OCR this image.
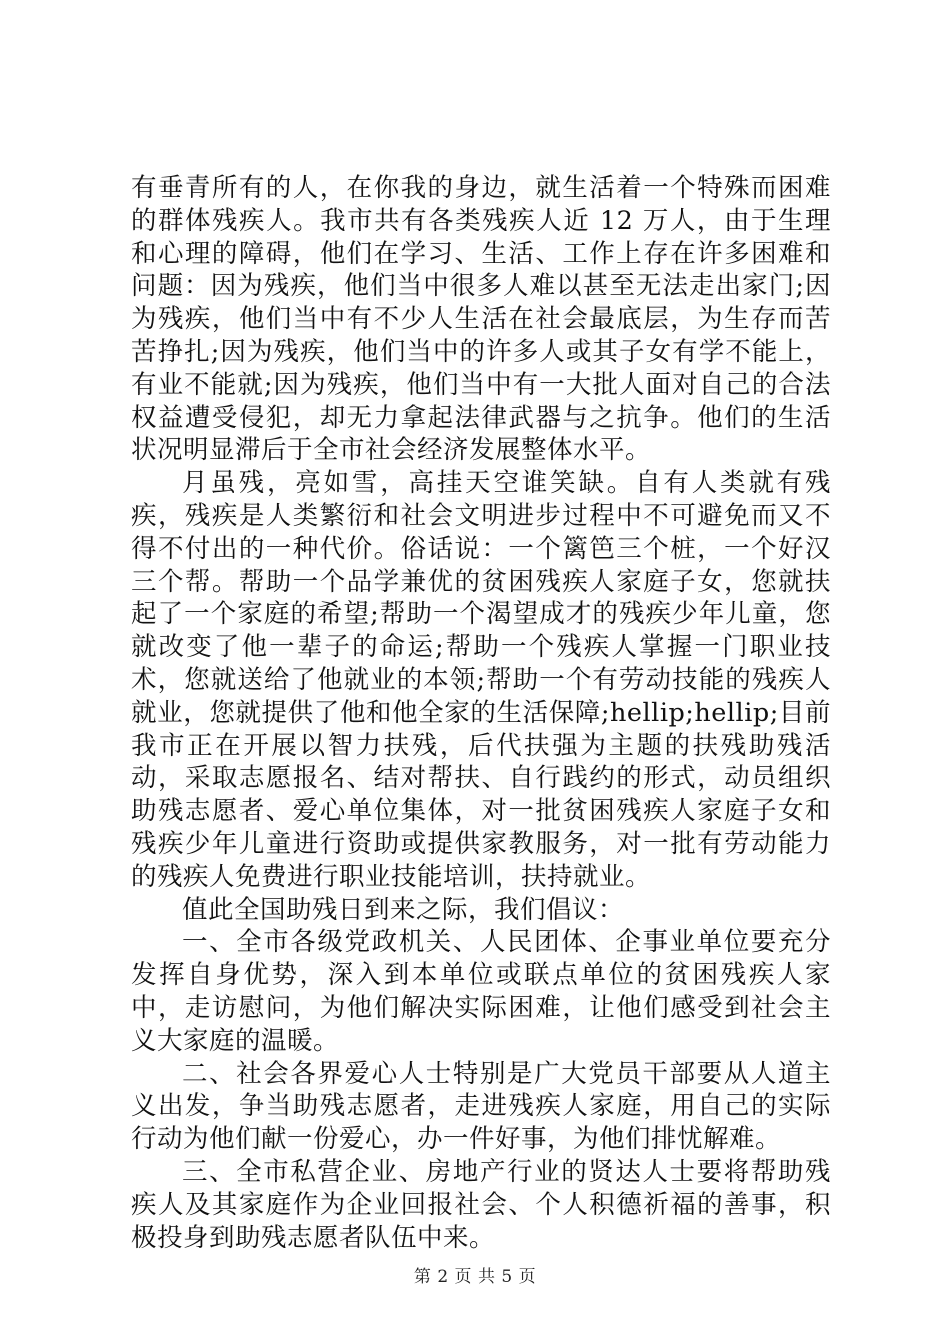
有垂青所有的人，在你我的身边，就生活着一个特殊而困难的群体残疾人。我市共有各类残疾人近 12 万人，由于生理和心理的障碍，他们在学习、生活、工作上存在许多困难和问题：因为残疾，他们当中很多人难以甚至无法走出家门;因为残疾，他们当中有不少人生活在社会最底层，为生存而苦苦挣扎;因为残疾，他们当中的许多人或其子女有学不能上，有业不能就;因为残疾，他们当中有一大批人面对自己的合法权益遭受侵犯，却无力拿起法律武器与之抗争。他们的生活状况明显滞后于全市社会经济发展整体水平。

月虽残，亮如雪，高挂天空谁笑缺。自有人类就有残疾，残疾是人类繁衍和社会文明进步过程中不可避免而又不得不付出的一种代价。俗话说：一个篱笆三个桩，一个好汉三个帮。帮助一个品学兼优的贫困残疾人家庭子女，您就扶起了一个家庭的希望;帮助一个渴望成才的残疾少年儿童，您就改变了他一辈子的命运;帮助一个残疾人掌握一门职业技术，您就送给了他就业的本领;帮助一个有劳动技能的残疾人就业，您就提供了他和他全家的生活保障;hellip;hellip;目前我市正在开展以智力扶残，后代扶强为主题的扶残助残活动，采取志愿报名、结对帮扶、自行践约的形式，动员组织助残志愿者、爱心单位集体，对一批贫困残疾人家庭子女和残疾少年儿童进行资助或提供家教服务，对一批有劳动能力的残疾人免费进行职业技能培训，扶持就业。

值此全国助残日到来之际，我们倡议：

一、全市各级党政机关、人民团体、企事业单位要充分发挥自身优势，深入到本单位或联点单位的贫困残疾人家中，走访慰问，为他们解决实际困难，让他们感受到社会主义大家庭的温暖。

二、社会各界爱心人士特别是广大党员干部要从人道主义出发，争当助残志愿者，走进残疾人家庭，用自己的实际行动为他们献一份爱心，办一件好事，为他们排忧解难。

三、全市私营企业、房地产行业的贤达人士要将帮助残疾人及其家庭作为企业回报社会、个人积德祈福的善事，积极投身到助残志愿者队伍中来。

第 2 页 共 5 页
